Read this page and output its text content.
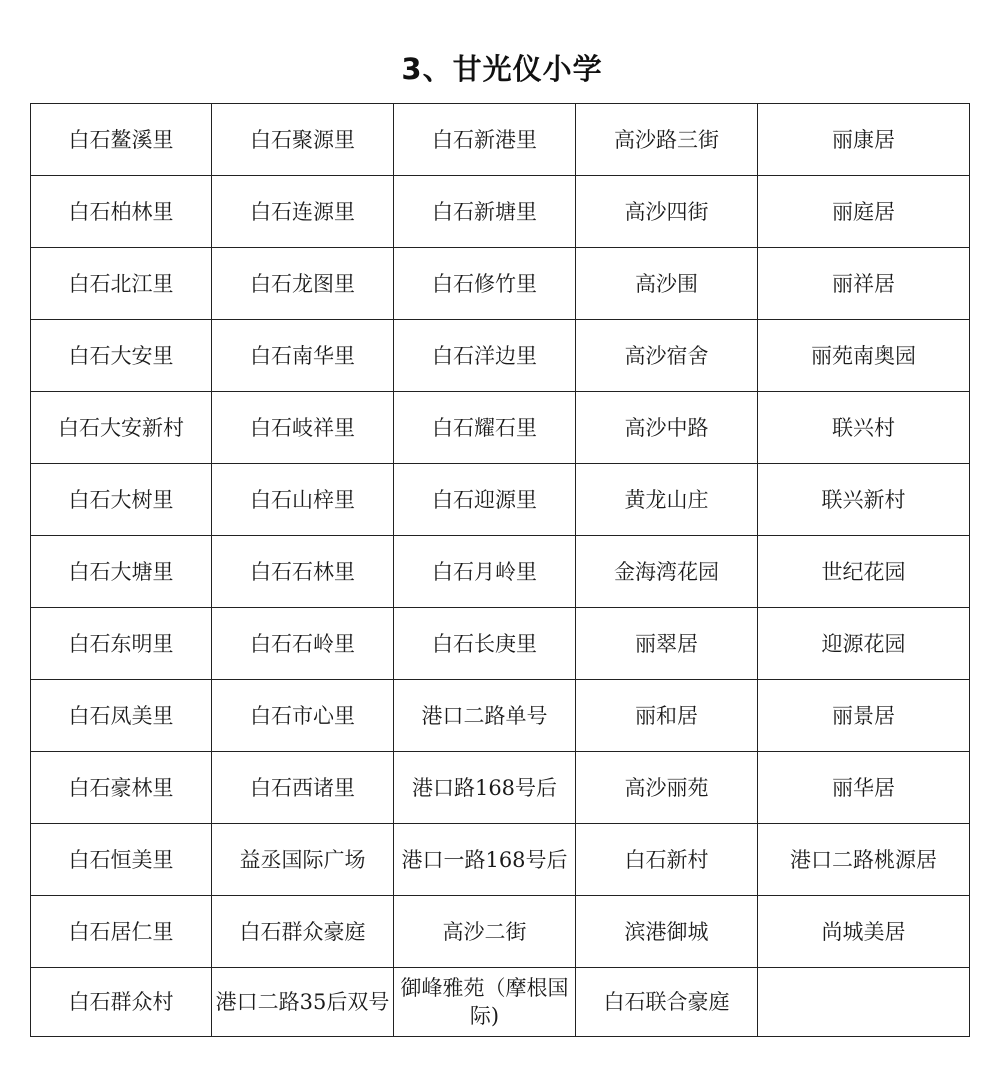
3、甘光仪小学
白石鳌溪里	白石聚源里	白石新港里	高沙路三街	丽康居
白石柏林里	白石连源里	白石新塘里	高沙四街	丽庭居
白石北江里	白石龙图里	白石修竹里	高沙围	丽祥居
白石大安里	白石南华里	白石洋边里	高沙宿舍	丽苑南奥园
白石大安新村	白石岐祥里	白石耀石里	高沙中路	联兴村
白石大树里	白石山梓里	白石迎源里	黄龙山庄	联兴新村
白石大塘里	白石石林里	白石月岭里	金海湾花园	世纪花园
白石东明里	白石石岭里	白石长庚里	丽翠居	迎源花园
白石凤美里	白石市心里	港口二路单号	丽和居	丽景居
白石豪林里	白石西诸里	港口路168号后	高沙丽苑	丽华居
白石恒美里	益丞国际广场	港口一路168号后	白石新村	港口二路桃源居
白石居仁里	白石群众豪庭	高沙二街	滨港御城	尚城美居
白石群众村	港口二路35后双号	御峰雅苑（摩根国际)	白石联合豪庭	
